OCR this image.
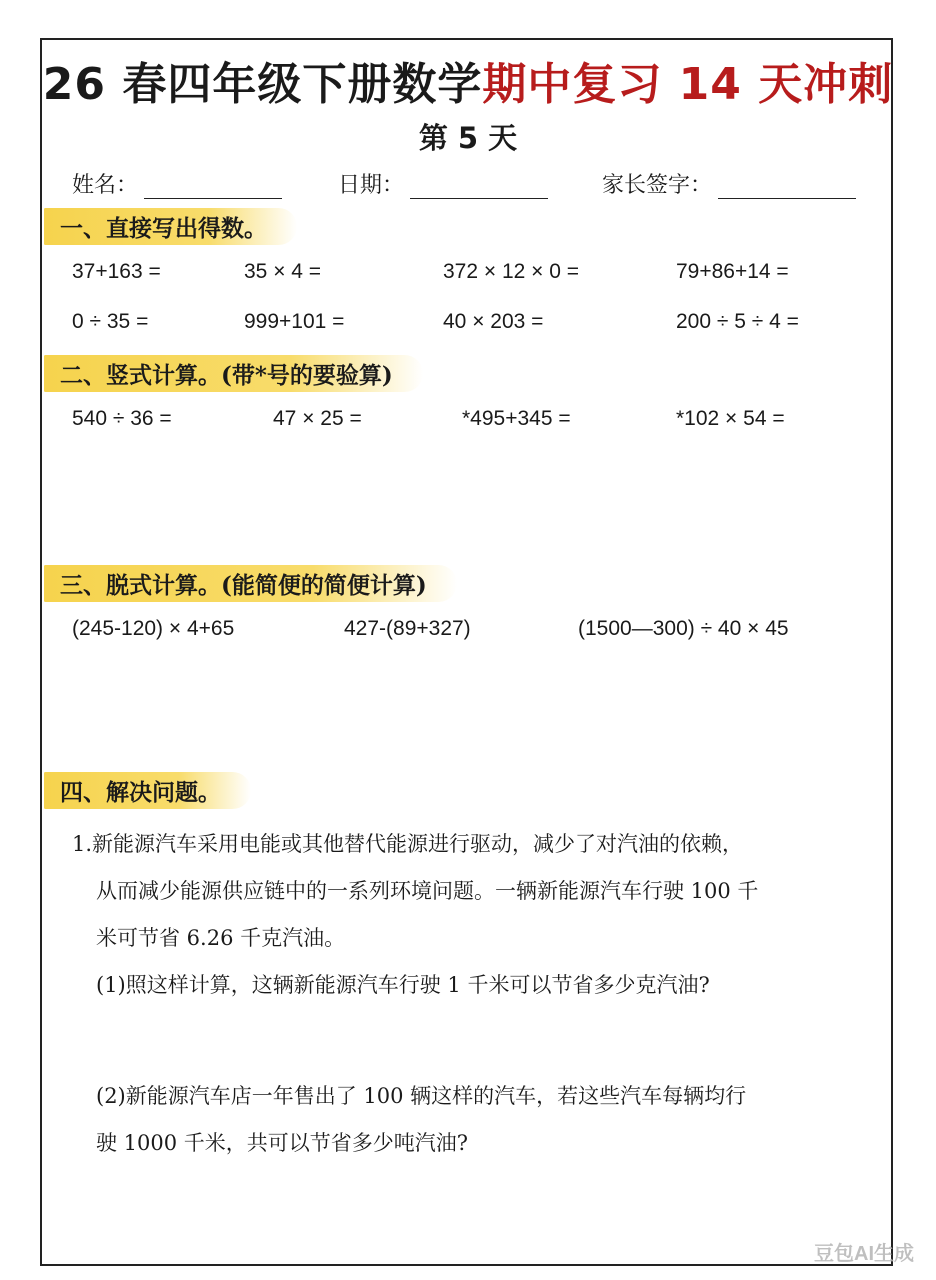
26 春四年级下册数学期中复习 14 天冲刺
第 5 天
姓名：	日期：	家长签字：
一、直接写出得数。
37+163 =	35 × 4 =	372 × 12 × 0 =	79+86+14 =
0 ÷ 35 =	999+101 =	40 × 203 =	200 ÷ 5 ÷ 4 =
二、竖式计算。(带*号的要验算)
540 ÷ 36 =	47 × 25 =	*495+345 =	*102 × 54 =
三、脱式计算。(能简便的简便计算)
(245-120) × 4+65	427-(89+327)	(1500—300) ÷ 40 × 45
四、解决问题。
1.新能源汽车采用电能或其他替代能源进行驱动，减少了对汽油的依赖，
从而减少能源供应链中的一系列环境问题。一辆新能源汽车行驶 100 千
米可节省 6.26 千克汽油。
(1)照这样计算，这辆新能源汽车行驶 1 千米可以节省多少克汽油?
(2)新能源汽车店一年售出了 100 辆这样的汽车，若这些汽车每辆均行
驶 1000 千米，共可以节省多少吨汽油?
豆包AI生成
